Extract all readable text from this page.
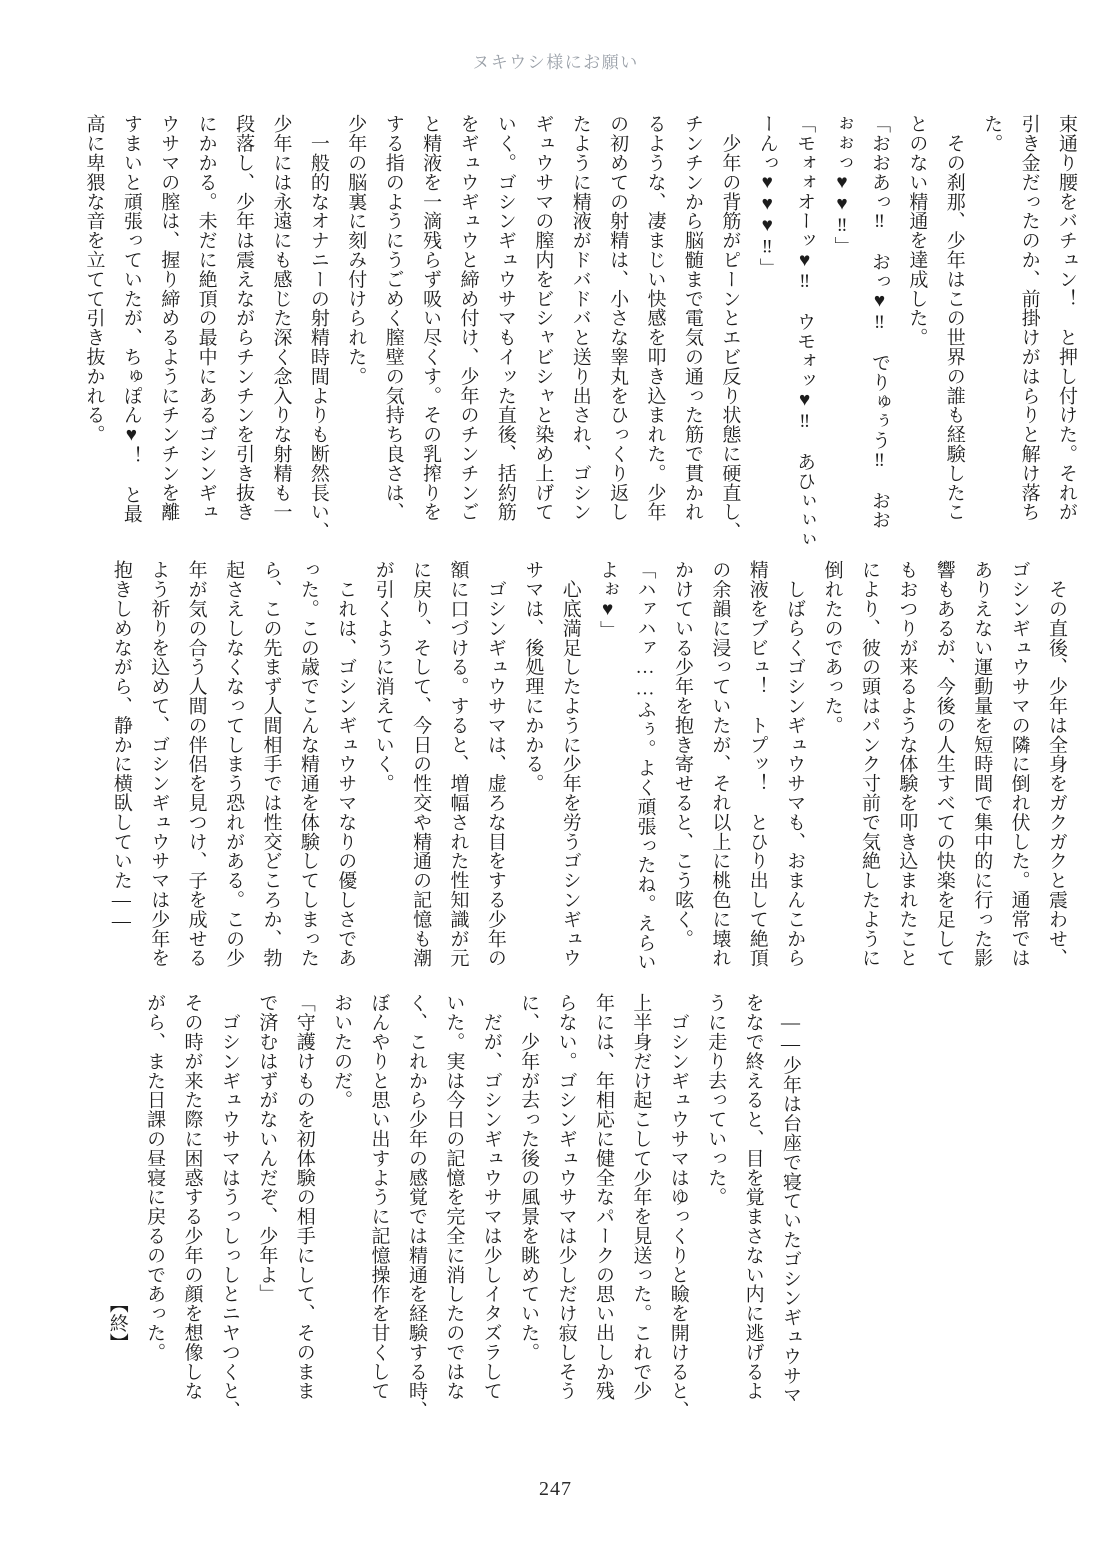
ヌキウシ様にお願い

束通り腰をバチュン！　と押し付けた。それが

引き金だったのか、前掛けがはらりと解け落ち

た。

　その刹那、少年はこの世界の誰も経験したこ

とのない精通を達成した。

「おおあっ‼　おっ♥‼　でりゅぅう‼　おお

ぉぉっ♥♥‼」

「モォォオーッ♥‼　ウモォッ♥‼　あひぃぃぃ

ーんっ♥♥♥‼」

　少年の背筋がピーンとエビ反り状態に硬直し、

チンチンから脳髄まで電気の通った筋で貫かれ

るような、凄まじい快感を叩き込まれた。少年

の初めての射精は、小さな睾丸をひっくり返し

たように精液がドバドバと送り出され、ゴシン

ギュウサマの膣内をビシャビシャと染め上げて

いく。ゴシンギュウサマもイッた直後、括約筋

をギュウギュウと締め付け、少年のチンチンご

と精液を一滴残らず吸い尽くす。その乳搾りを

する指のようにうごめく膣壁の気持ち良さは、

少年の脳裏に刻み付けられた。

　一般的なオナニーの射精時間よりも断然長い、

少年には永遠にも感じた深く念入りな射精も一

段落し、少年は震えながらチンチンを引き抜き

にかかる。未だに絶頂の最中にあるゴシンギュ

ウサマの膣は、握り締めるようにチンチンを離

すまいと頑張っていたが、ちゅぽん♥！　と最

高に卑猥な音を立てて引き抜かれる。

　その直後、少年は全身をガクガクと震わせ、

ゴシンギュウサマの隣に倒れ伏した。通常では

ありえない運動量を短時間で集中的に行った影

響もあるが、今後の人生すべての快楽を足して

もおつりが来るような体験を叩き込まれたこと

により、彼の頭はパンク寸前で気絶したように

倒れたのであった。

　しばらくゴシンギュウサマも、おまんこから

精液をブビュ！　トプッ！　とひり出して絶頂

の余韻に浸っていたが、それ以上に桃色に壊れ

かけている少年を抱き寄せると、こう呟く。

「ハァハァ……ふぅ。よく頑張ったね。えらい

よぉ♥」

　心底満足したように少年を労うゴシンギュウ

サマは、後処理にかかる。

　ゴシンギュウサマは、虚ろな目をする少年の

額に口づける。すると、増幅された性知識が元

に戻り、そして、今日の性交や精通の記憶も潮

が引くように消えていく。

　これは、ゴシンギュウサマなりの優しさであ

った。この歳でこんな精通を体験してしまった

ら、この先まず人間相手では性交どころか、勃

起さえしなくなってしまう恐れがある。この少

年が気の合う人間の伴侶を見つけ、子を成せる

よう祈りを込めて、ゴシンギュウサマは少年を

抱きしめながら、静かに横臥していた――

　――少年は台座で寝ていたゴシンギュウサマ

をなで終えると、目を覚まさない内に逃げるよ

うに走り去っていった。

　ゴシンギュウサマはゆっくりと瞼を開けると、

上半身だけ起こして少年を見送った。これで少

年には、年相応に健全なパークの思い出しか残

らない。ゴシンギュウサマは少しだけ寂しそう

に、少年が去った後の風景を眺めていた。

　だが、ゴシンギュウサマは少しイタズラして

いた。実は今日の記憶を完全に消したのではな

く、これから少年の感覚では精通を経験する時、

ぼんやりと思い出すように記憶操作を甘くして

おいたのだ。

「守護けものを初体験の相手にして、そのまま

で済むはずがないんだぞ、少年よ」

　ゴシンギュウサマはうっしっしとニヤつくと、

その時が来た際に困惑する少年の顔を想像しな

がら、また日課の昼寝に戻るのであった。

　　　　　　　　　　　　　　　　【終】

247
